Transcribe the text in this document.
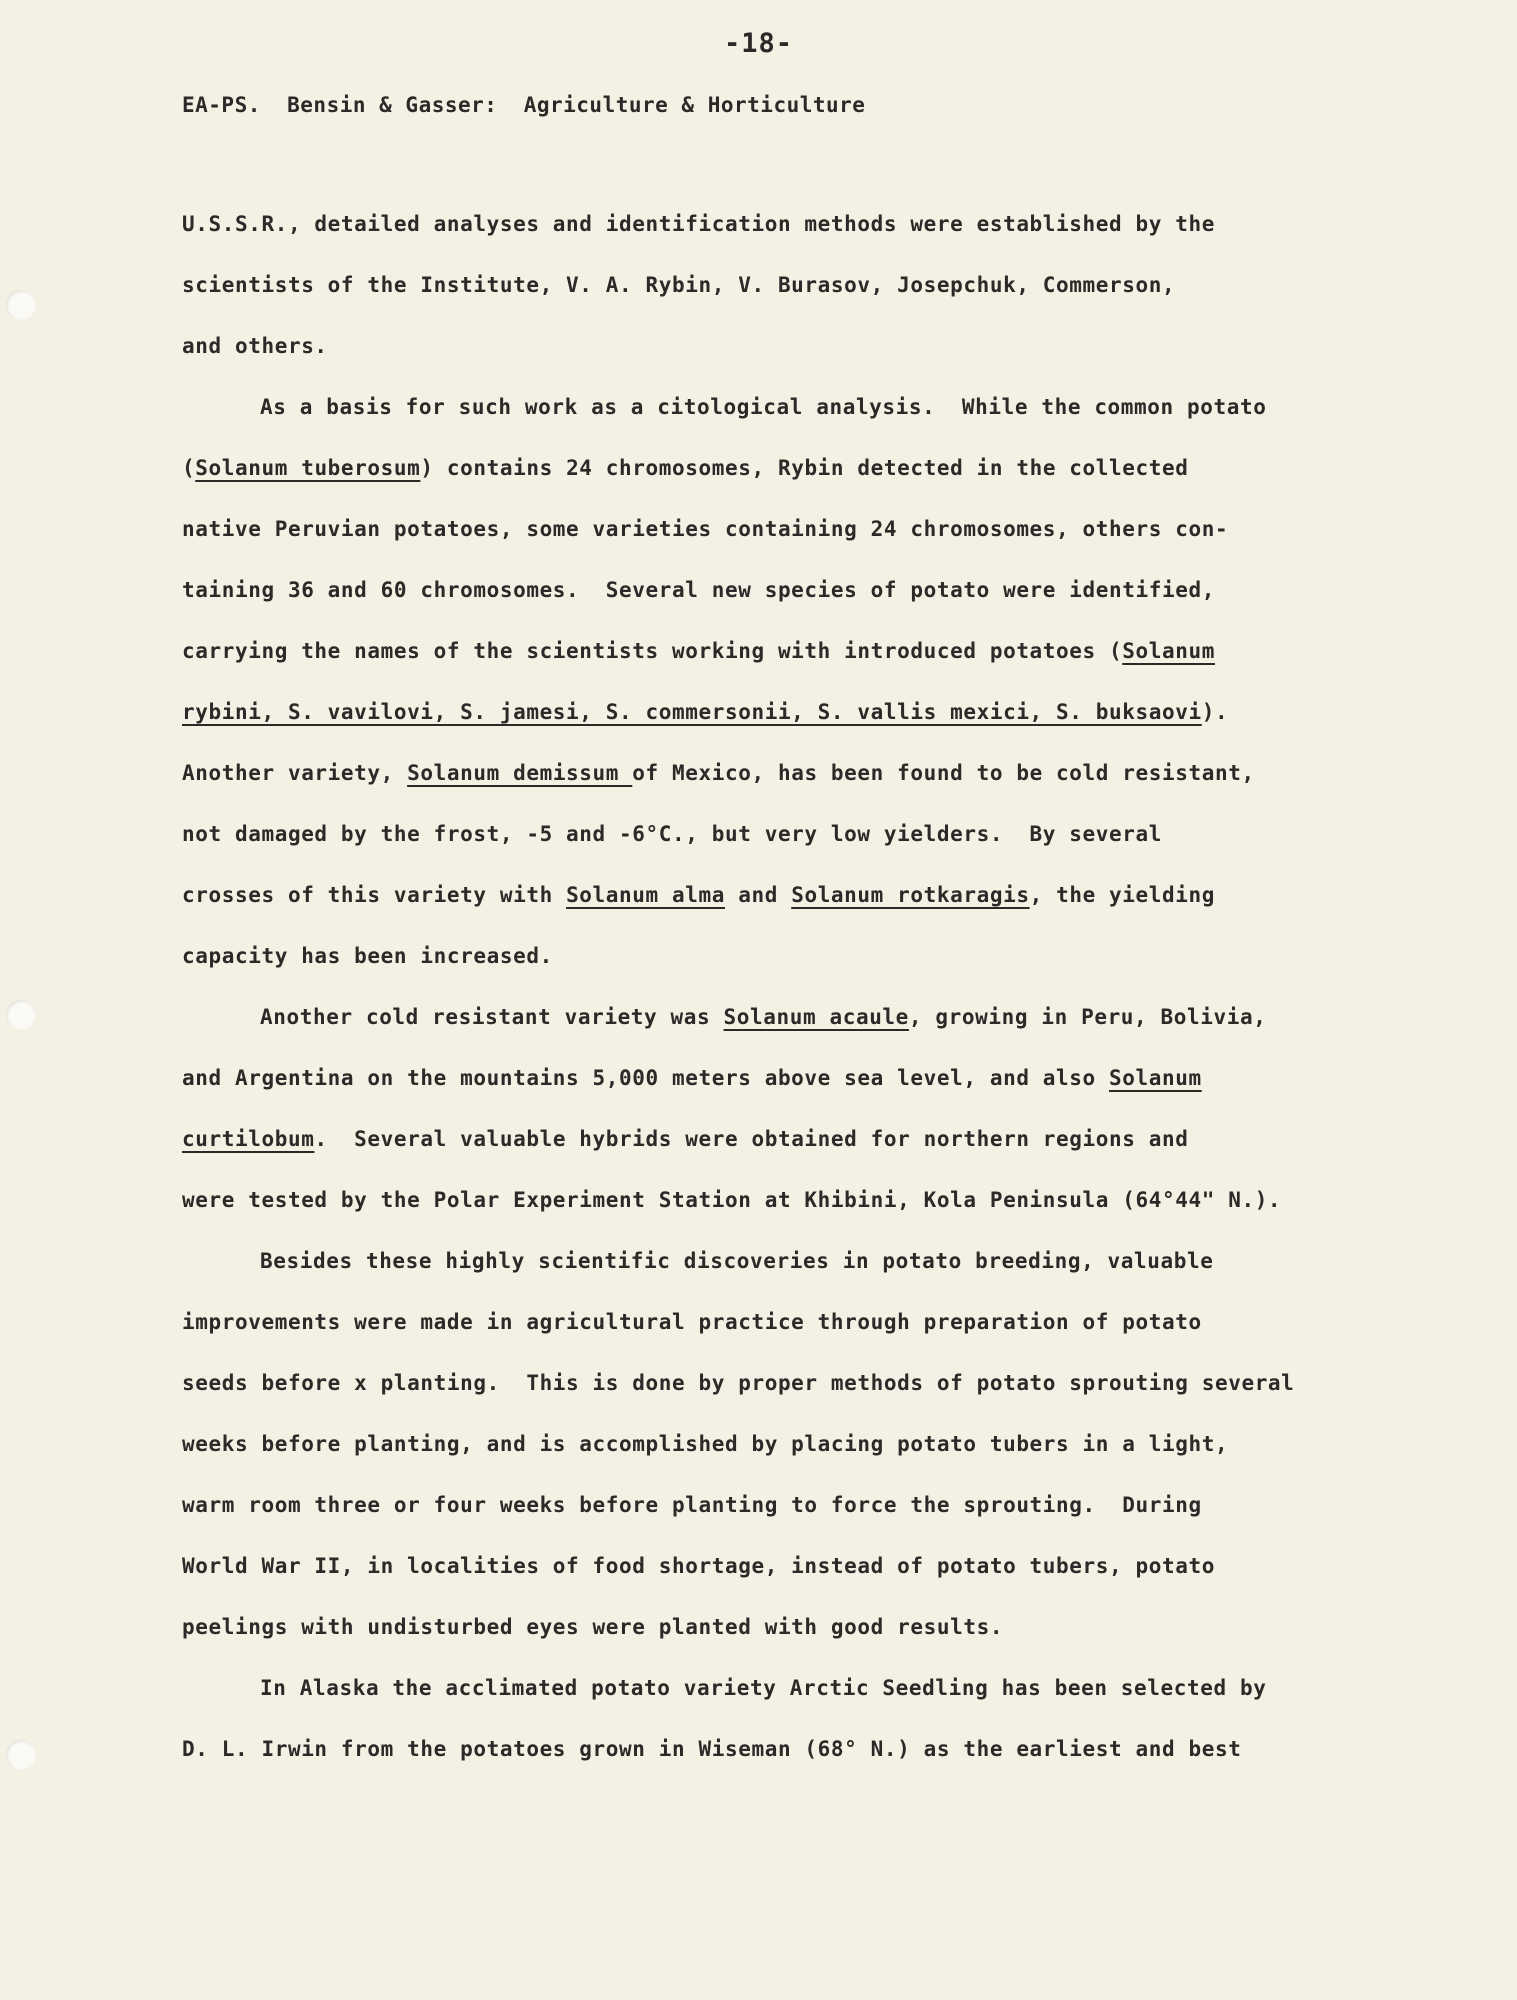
-18-
EA-PS.  Bensin & Gasser:  Agriculture & Horticulture
U.S.S.R., detailed analyses and identification methods were established by the
scientists of the Institute, V. A. Rybin, V. Burasov, Josepchuk, Commerson,
and others.
As a basis for such work as a citological analysis.  While the common potato
(Solanum tuberosum) contains 24 chromosomes, Rybin detected in the collected
native Peruvian potatoes, some varieties containing 24 chromosomes, others con-
taining 36 and 60 chromosomes.  Several new species of potato were identified,
carrying the names of the scientists working with introduced potatoes (Solanum
rybini, S. vavilovi, S. jamesi, S. commersonii, S. vallis mexici, S. buksaovi).
Another variety, Solanum demissum of Mexico, has been found to be cold resistant,
not damaged by the frost, -5 and -6°C., but very low yielders.  By several
crosses of this variety with Solanum alma and Solanum rotkaragis, the yielding
capacity has been increased.
Another cold resistant variety was Solanum acaule, growing in Peru, Bolivia,
and Argentina on the mountains 5,000 meters above sea level, and also Solanum
curtilobum.  Several valuable hybrids were obtained for northern regions and
were tested by the Polar Experiment Station at Khibini, Kola Peninsula (64°44" N.).
Besides these highly scientific discoveries in potato breeding, valuable
improvements were made in agricultural practice through preparation of potato
seeds before x planting.  This is done by proper methods of potato sprouting several
weeks before planting, and is accomplished by placing potato tubers in a light,
warm room three or four weeks before planting to force the sprouting.  During
World War II, in localities of food shortage, instead of potato tubers, potato
peelings with undisturbed eyes were planted with good results.
In Alaska the acclimated potato variety Arctic Seedling has been selected by
D. L. Irwin from the potatoes grown in Wiseman (68° N.) as the earliest and best
